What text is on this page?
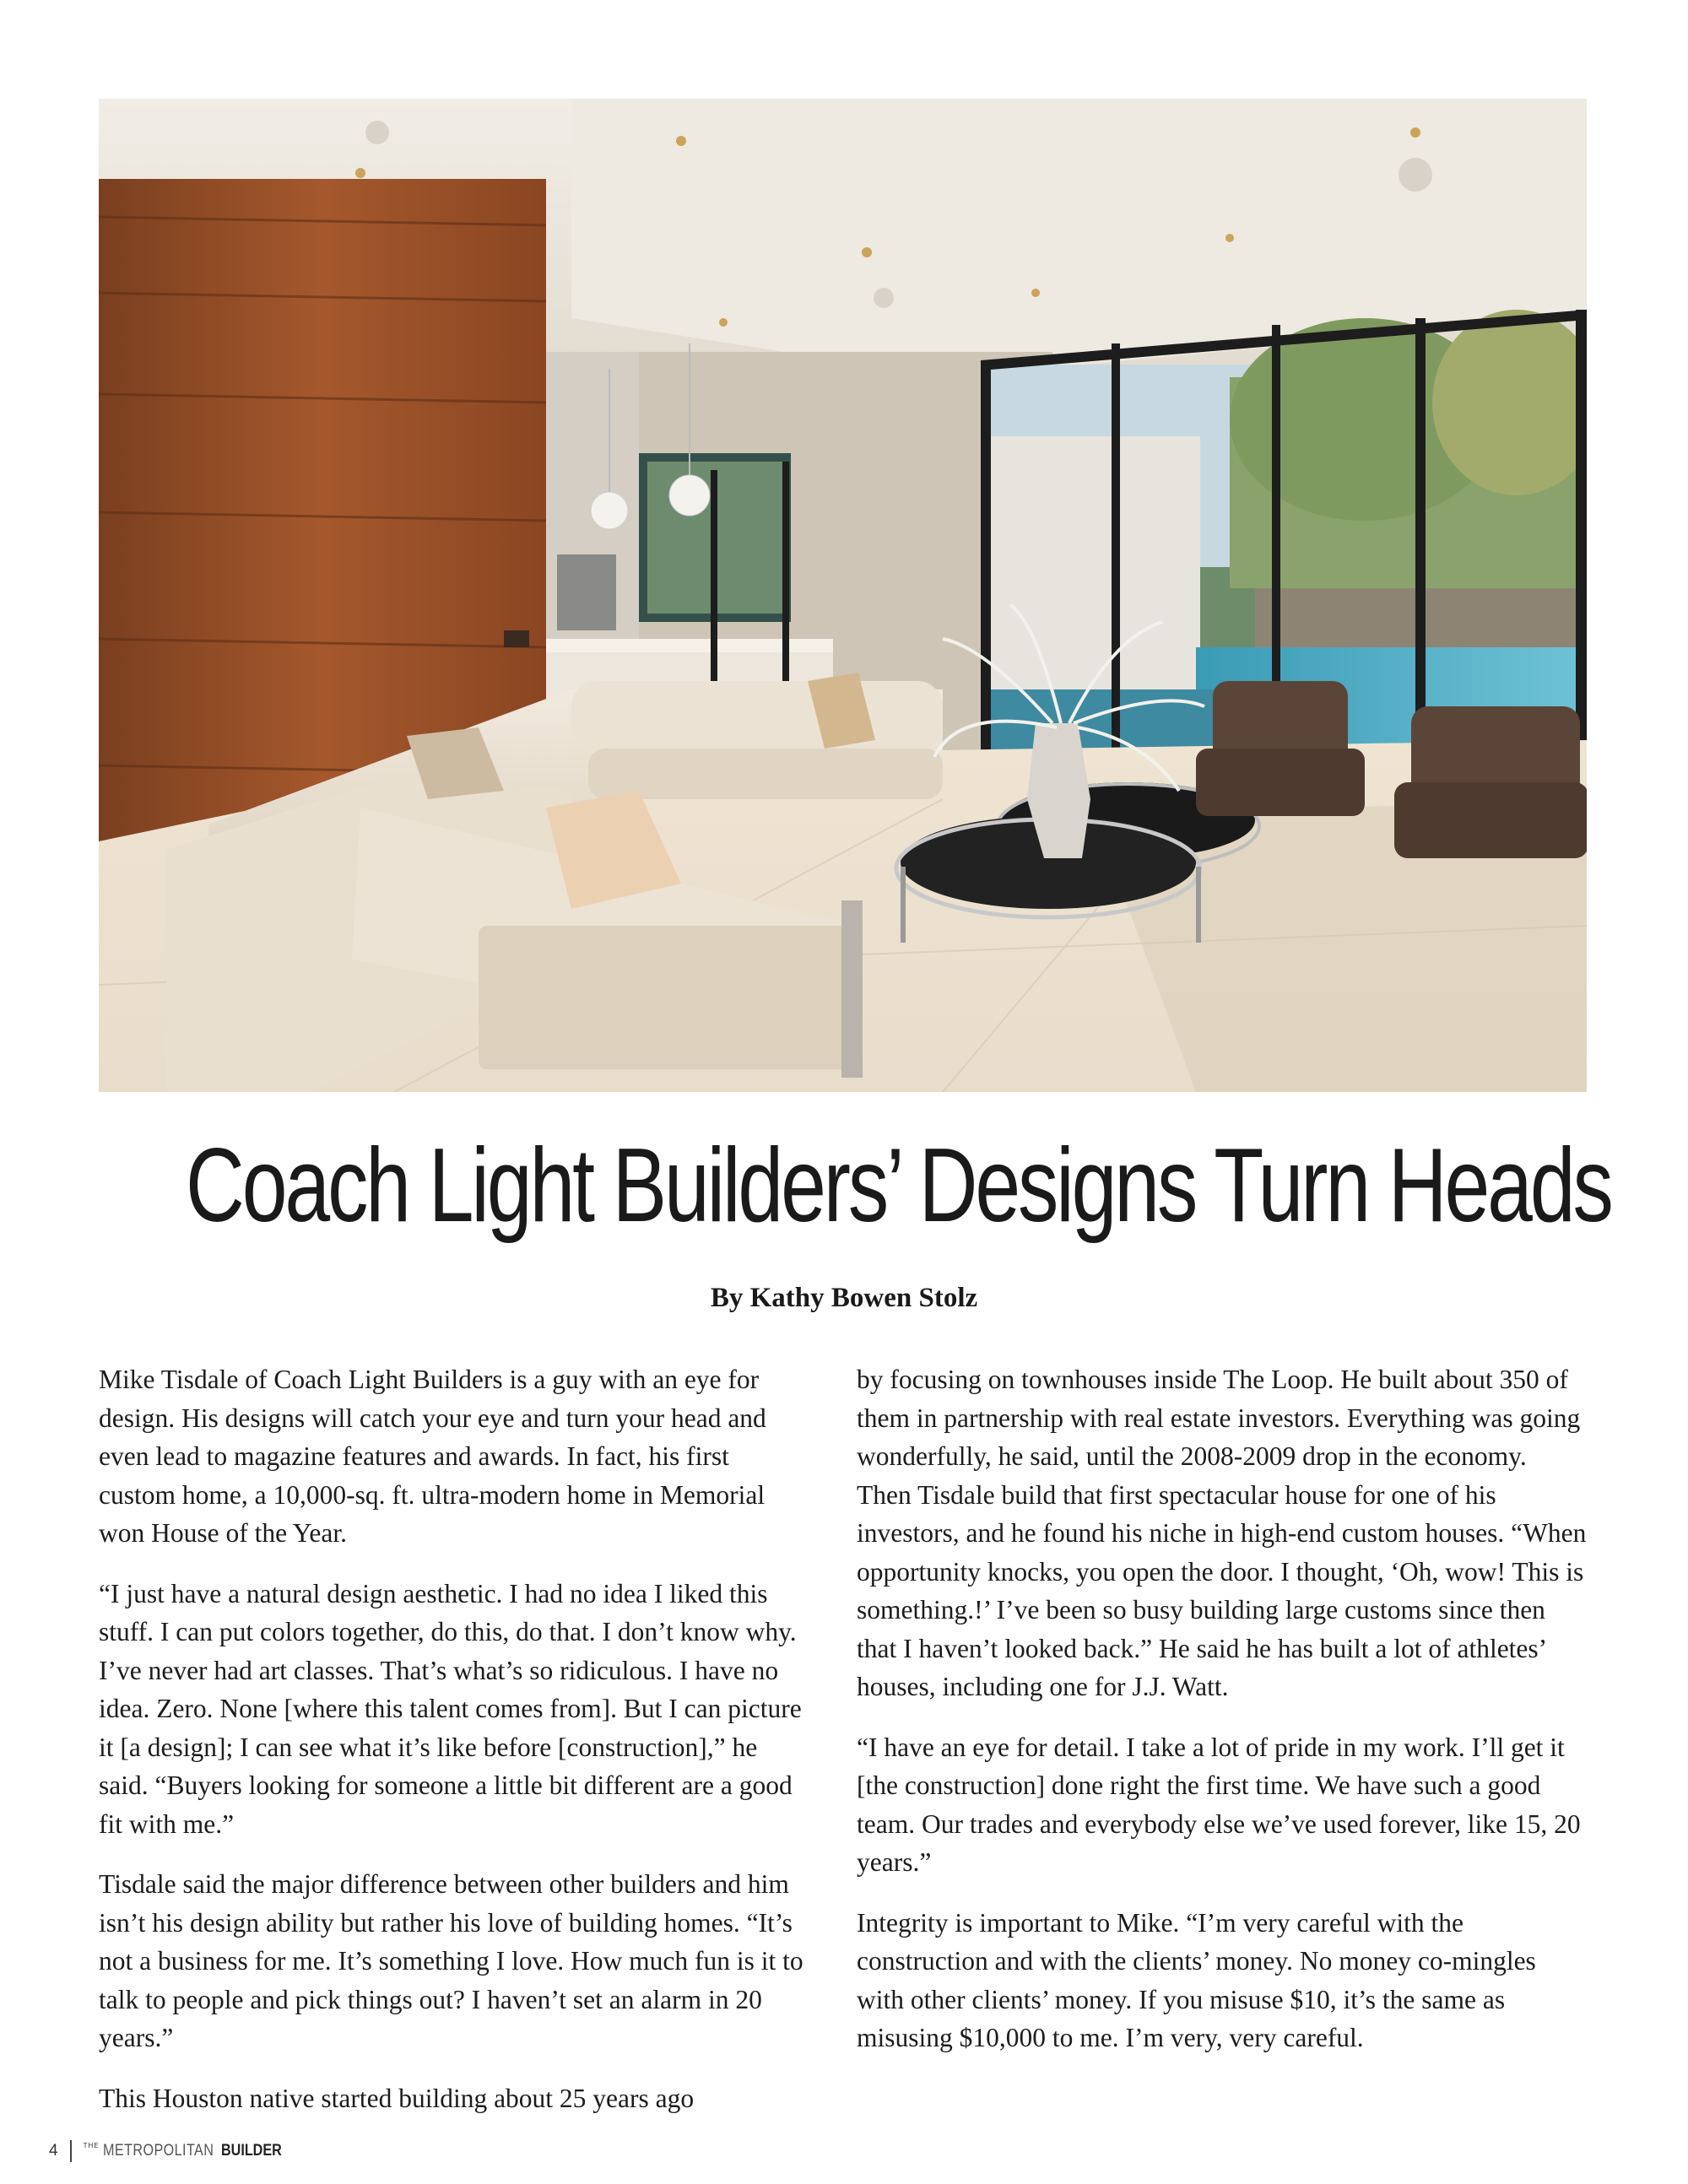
Coach Light Builders’ Designs Turn Heads
By Kathy Bowen Stolz

Mike Tisdale of Coach Light Builders is a guy with an eye for design. His designs will catch your eye and turn your head and even lead to magazine features and awards. In fact, his first custom home, a 10,000-sq. ft. ultra-modern home in Memorial won House of the Year.

“I just have a natural design aesthetic. I had no idea I liked this stuff. I can put colors together, do this, do that. I don’t know why. I’ve never had art classes. That’s what’s so ridiculous. I have no idea. Zero. None [where this talent comes from]. But I can picture it [a design]; I can see what it’s like before [construction],” he said. “Buyers looking for someone a little bit different are a good fit with me.”

Tisdale said the major difference between other builders and him isn’t his design ability but rather his love of building homes. “It’s not a business for me. It’s something I love. How much fun is it to talk to people and pick things out? I haven’t set an alarm in 20 years.”

This Houston native started building about 25 years ago

by focusing on townhouses inside The Loop. He built about 350 of them in partnership with real estate investors. Everything was going wonderfully, he said, until the 2008-2009 drop in the economy. Then Tisdale build that first spectacular house for one of his investors, and he found his niche in high-end custom houses. “When opportunity knocks, you open the door. I thought, ‘Oh, wow! This is something.!’ I’ve been so busy building large customs since then that I haven’t looked back.” He said he has built a lot of athletes’ houses, including one for J.J. Watt.

“I have an eye for detail. I take a lot of pride in my work. I’ll get it [the construction] done right the first time. We have such a good team. Our trades and everybody else we’ve used forever, like 15, 20 years.”

Integrity is important to Mike. “I’m very careful with the construction and with the clients’ money. No money co-mingles with other clients’ money. If you misuse $10, it’s the same as misusing $10,000 to me. I’m very, very careful.

4	THE METROPOLITAN BUILDER
